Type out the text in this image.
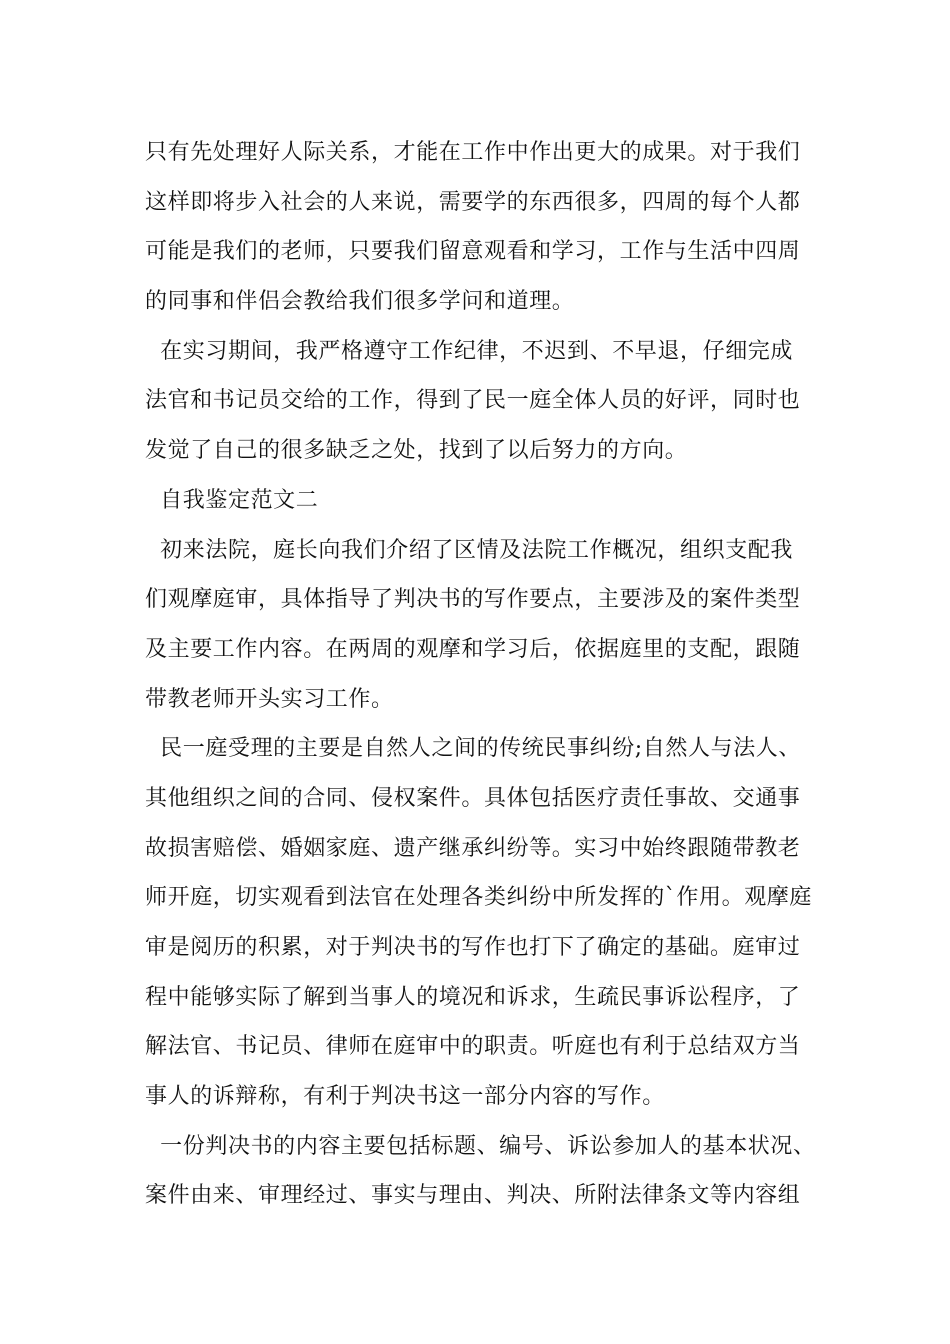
只有先处理好人际关系，才能在工作中作出更大的成果。对于我们
这样即将步入社会的人来说，需要学的东西很多，四周的每个人都
可能是我们的老师，只要我们留意观看和学习，工作与生活中四周
的同事和伴侣会教给我们很多学问和道理。
在实习期间，我严格遵守工作纪律，不迟到、不早退，仔细完成
法官和书记员交给的工作，得到了民一庭全体人员的好评，同时也
发觉了自己的很多缺乏之处，找到了以后努力的方向。
自我鉴定范文二
初来法院，庭长向我们介绍了区情及法院工作概况，组织支配我
们观摩庭审，具体指导了判决书的写作要点，主要涉及的案件类型
及主要工作内容。在两周的观摩和学习后，依据庭里的支配，跟随
带教老师开头实习工作。
民一庭受理的主要是自然人之间的传统民事纠纷;自然人与法人、
其他组织之间的合同、侵权案件。具体包括医疗责任事故、交通事
故损害赔偿、婚姻家庭、遗产继承纠纷等。实习中始终跟随带教老
师开庭，切实观看到法官在处理各类纠纷中所发挥的`作用。观摩庭
审是阅历的积累，对于判决书的写作也打下了确定的基础。庭审过
程中能够实际了解到当事人的境况和诉求，生疏民事诉讼程序，了
解法官、书记员、律师在庭审中的职责。听庭也有利于总结双方当
事人的诉辩称，有利于判决书这一部分内容的写作。
一份判决书的内容主要包括标题、编号、诉讼参加人的基本状况、
案件由来、审理经过、事实与理由、判决、所附法律条文等内容组
